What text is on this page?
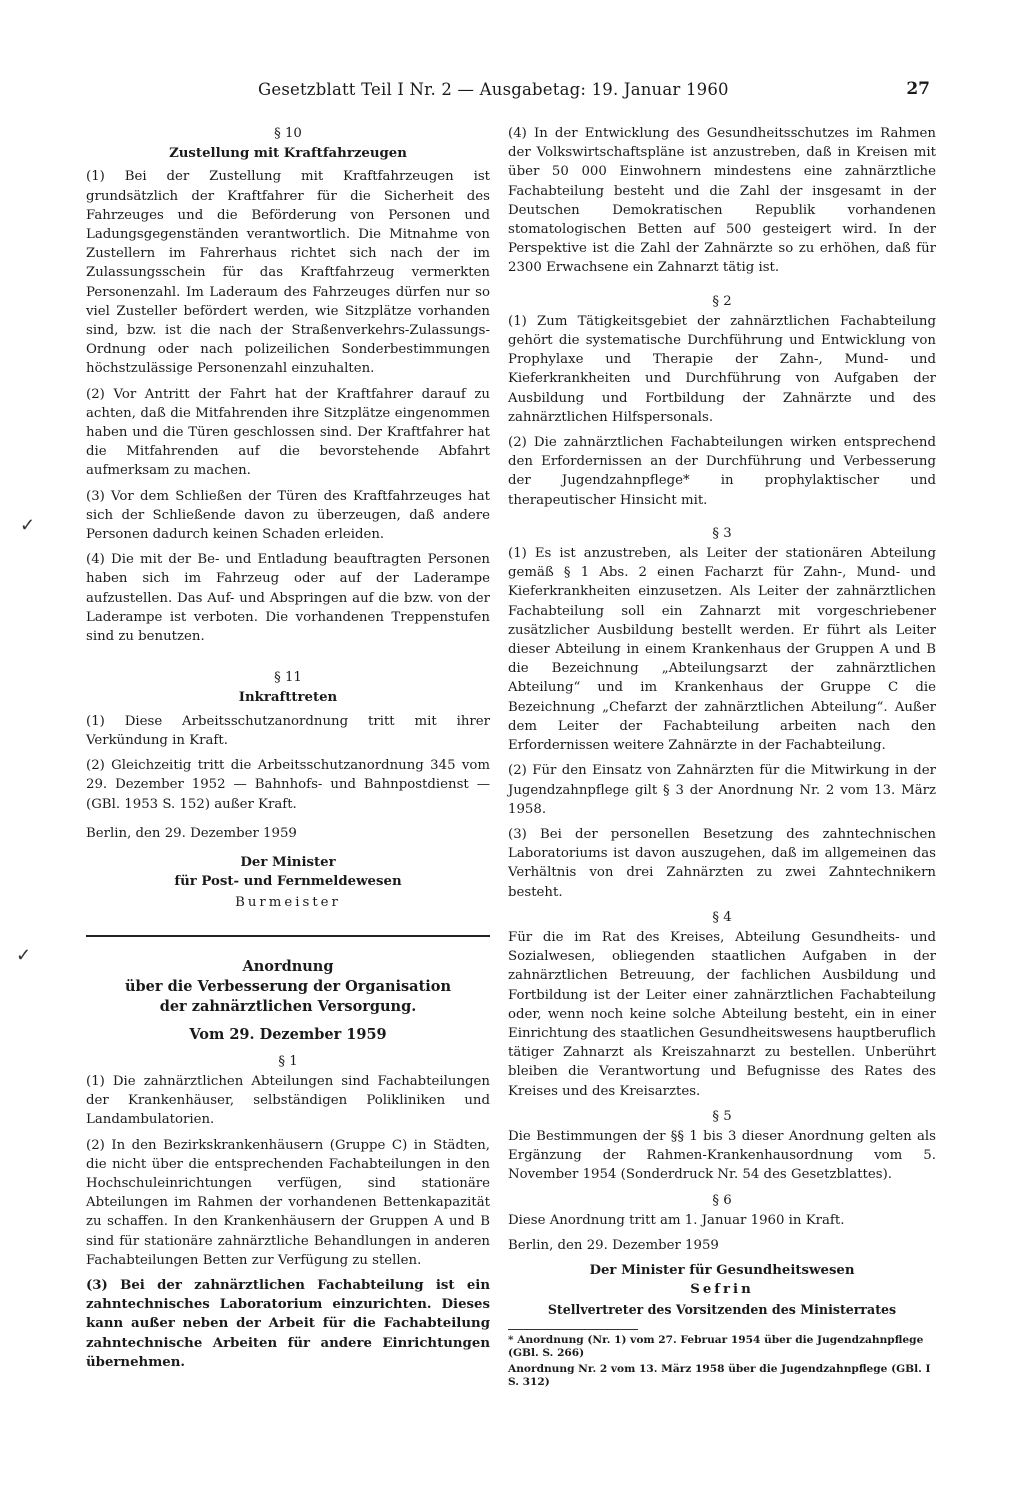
Gesetzblatt Teil I Nr. 2 — Ausgabetag: 19. Januar 1960	27
✓
✓

§ 10

Zustellung mit Kraftfahrzeugen

(1) Bei der Zustellung mit Kraftfahrzeugen ist grundsätzlich der Kraftfahrer für die Sicherheit des Fahrzeuges und die Beförderung von Personen und Ladungsgegenständen verantwortlich. Die Mitnahme von Zustellern im Fahrerhaus richtet sich nach der im Zulassungsschein für das Kraftfahrzeug vermerkten Personenzahl. Im Laderaum des Fahrzeuges dürfen nur so viel Zusteller befördert werden, wie Sitzplätze vorhanden sind, bzw. ist die nach der Straßenverkehrs-Zulassungs-Ordnung oder nach polizeilichen Sonderbestimmungen höchstzulässige Personenzahl einzuhalten.

(2) Vor Antritt der Fahrt hat der Kraftfahrer darauf zu achten, daß die Mitfahrenden ihre Sitzplätze eingenommen haben und die Türen geschlossen sind. Der Kraftfahrer hat die Mitfahrenden auf die bevorstehende Abfahrt aufmerksam zu machen.

(3) Vor dem Schließen der Türen des Kraftfahrzeuges hat sich der Schließende davon zu überzeugen, daß andere Personen dadurch keinen Schaden erleiden.

(4) Die mit der Be- und Entladung beauftragten Personen haben sich im Fahrzeug oder auf der Laderampe aufzustellen. Das Auf- und Abspringen auf die bzw. von der Laderampe ist verboten. Die vorhandenen Treppenstufen sind zu benutzen.

§ 11

Inkrafttreten

(1) Diese Arbeitsschutzanordnung tritt mit ihrer Verkündung in Kraft.

(2) Gleichzeitig tritt die Arbeitsschutzanordnung 345 vom 29. Dezember 1952 — Bahnhofs- und Bahnpostdienst — (GBl. 1953 S. 152) außer Kraft.

Berlin, den 29. Dezember 1959

Der Minister

für Post- und Fernmeldewesen

Burmeister

Anordnung
über die Verbesserung der Organisation
der zahnärztlichen Versorgung.

Vom 29. Dezember 1959

§ 1

(1) Die zahnärztlichen Abteilungen sind Fachabteilungen der Krankenhäuser, selbständigen Polikliniken und Landambulatorien.

(2) In den Bezirkskrankenhäusern (Gruppe C) in Städten, die nicht über die entsprechenden Fachabteilungen in den Hochschuleinrichtungen verfügen, sind stationäre Abteilungen im Rahmen der vorhandenen Bettenkapazität zu schaffen. In den Krankenhäusern der Gruppen A und B sind für stationäre zahnärztliche Behandlungen in anderen Fachabteilungen Betten zur Verfügung zu stellen.

(3) Bei der zahnärztlichen Fachabteilung ist ein zahntechnisches Laboratorium einzurichten. Dieses kann außer neben der Arbeit für die Fachabteilung zahntechnische Arbeiten für andere Einrichtungen übernehmen.

(4) In der Entwicklung des Gesundheitsschutzes im Rahmen der Volkswirtschaftspläne ist anzustreben, daß in Kreisen mit über 50 000 Einwohnern mindestens eine zahnärztliche Fachabteilung besteht und die Zahl der insgesamt in der Deutschen Demokratischen Republik vorhandenen stomatologischen Betten auf 500 gesteigert wird. In der Perspektive ist die Zahl der Zahnärzte so zu erhöhen, daß für 2300 Erwachsene ein Zahnarzt tätig ist.

§ 2

(1) Zum Tätigkeitsgebiet der zahnärztlichen Fachabteilung gehört die systematische Durchführung und Entwicklung von Prophylaxe und Therapie der Zahn-, Mund- und Kieferkrankheiten und Durchführung von Aufgaben der Ausbildung und Fortbildung der Zahnärzte und des zahnärztlichen Hilfspersonals.

(2) Die zahnärztlichen Fachabteilungen wirken entsprechend den Erfordernissen an der Durchführung und Verbesserung der Jugendzahnpflege* in prophylaktischer und therapeutischer Hinsicht mit.

§ 3

(1) Es ist anzustreben, als Leiter der stationären Abteilung gemäß § 1 Abs. 2 einen Facharzt für Zahn-, Mund- und Kieferkrankheiten einzusetzen. Als Leiter der zahnärztlichen Fachabteilung soll ein Zahnarzt mit vorgeschriebener zusätzlicher Ausbildung bestellt werden. Er führt als Leiter dieser Abteilung in einem Krankenhaus der Gruppen A und B die Bezeichnung „Abteilungsarzt der zahnärztlichen Abteilung“ und im Krankenhaus der Gruppe C die Bezeichnung „Chefarzt der zahnärztlichen Abteilung“. Außer dem Leiter der Fachabteilung arbeiten nach den Erfordernissen weitere Zahnärzte in der Fachabteilung.

(2) Für den Einsatz von Zahnärzten für die Mitwirkung in der Jugendzahnpflege gilt § 3 der Anordnung Nr. 2 vom 13. März 1958.

(3) Bei der personellen Besetzung des zahntechnischen Laboratoriums ist davon auszugehen, daß im allgemeinen das Verhältnis von drei Zahnärzten zu zwei Zahntechnikern besteht.

§ 4

Für die im Rat des Kreises, Abteilung Gesundheits- und Sozialwesen, obliegenden staatlichen Aufgaben in der zahnärztlichen Betreuung, der fachlichen Ausbildung und Fortbildung ist der Leiter einer zahnärztlichen Fachabteilung oder, wenn noch keine solche Abteilung besteht, ein in einer Einrichtung des staatlichen Gesundheitswesens hauptberuflich tätiger Zahnarzt als Kreiszahnarzt zu bestellen. Unberührt bleiben die Verantwortung und Befugnisse des Rates des Kreises und des Kreisarztes.

§ 5

Die Bestimmungen der §§ 1 bis 3 dieser Anordnung gelten als Ergänzung der Rahmen-Krankenhausordnung vom 5. November 1954 (Sonderdruck Nr. 54 des Gesetzblattes).

§ 6

Diese Anordnung tritt am 1. Januar 1960 in Kraft.

Berlin, den 29. Dezember 1959

Der Minister für Gesundheitswesen

Sefrin

Stellvertreter des Vorsitzenden des Ministerrates

* Anordnung (Nr. 1) vom 27. Februar 1954 über die Jugendzahnpflege (GBl. S. 266)

Anordnung Nr. 2 vom 13. März 1958 über die Jugendzahnpflege (GBl. I S. 312)
